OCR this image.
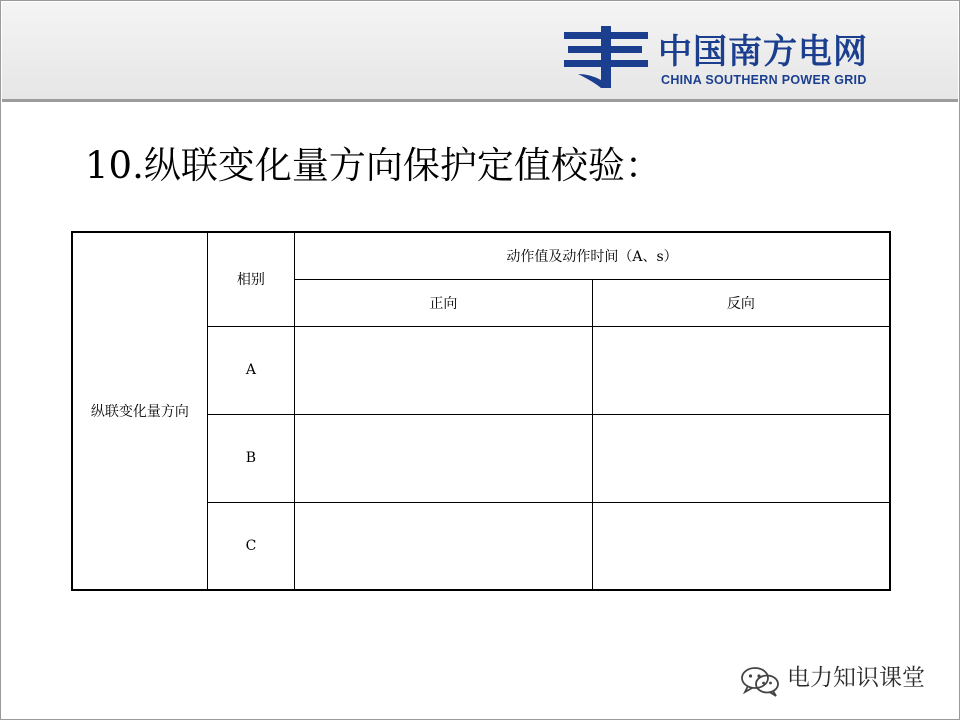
中国南方电网
CHINA SOUTHERN POWER GRID
10.纵联变化量方向保护定值校验：
纵联变化量方向	相别	动作值及动作时间（A、s）	
		正向	反向
	A		
	B		
	C		
电力知识课堂
